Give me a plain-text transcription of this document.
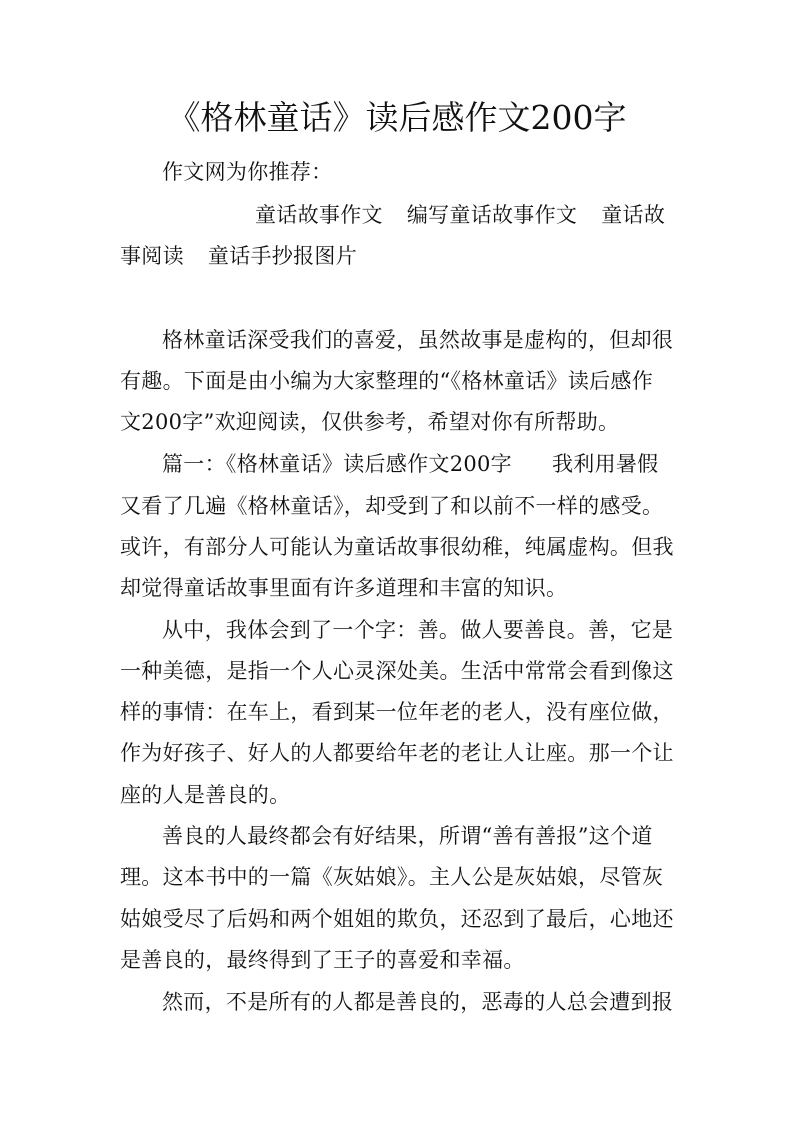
《格林童话》读后感作文200字
作文网为你推荐：
童话故事作文 编写童话故事作文 童话故
事阅读 童话手抄报图片
格林童话深受我们的喜爱，虽然故事是虚构的，但却很
有趣。下面是由小编为大家整理的“《格林童话》读后感作
文200字”欢迎阅读，仅供参考，希望对你有所帮助。
篇一：《格林童话》读后感作文200字 我利用暑假
又看了几遍《格林童话》，却受到了和以前不一样的感受。
或许，有部分人可能认为童话故事很幼稚，纯属虚构。但我
却觉得童话故事里面有许多道理和丰富的知识。
从中，我体会到了一个字：善。做人要善良。善，它是
一种美德，是指一个人心灵深处美。生活中常常会看到像这
样的事情：在车上，看到某一位年老的老人，没有座位做，
作为好孩子、好人的人都要给年老的老让人让座。那一个让
座的人是善良的。
善良的人最终都会有好结果，所谓“善有善报”这个道
理。这本书中的一篇《灰姑娘》。主人公是灰姑娘，尽管灰
姑娘受尽了后妈和两个姐姐的欺负，还忍到了最后，心地还
是善良的，最终得到了王子的喜爱和幸福。
然而，不是所有的人都是善良的，恶毒的人总会遭到报
